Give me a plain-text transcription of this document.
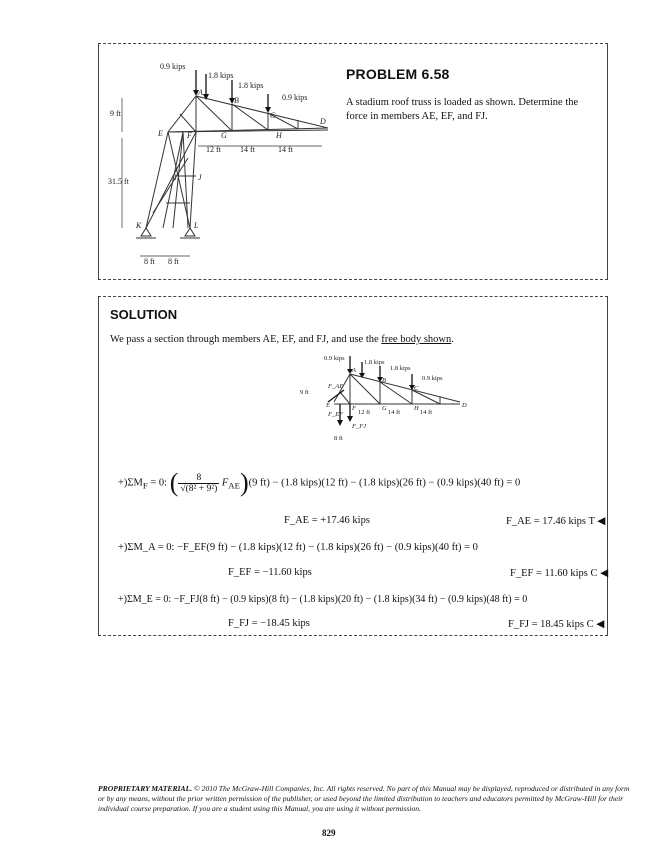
0.9 kips
1.8 kips
1.8 kips
0.9 kips
A
B
C
D
E	F	G	H
I	J
K	L
9 ft
31.5 ft
12 ft 14 ft	14 ft
8 ft 8 ft
PROBLEM 6.58
A stadium roof truss is loaded as shown. Determine the force in members AE, EF, and FJ.
SOLUTION
We pass a section through members AE, EF, and FJ, and use the free body shown.
0.9 kips
1.8 kips
1.8 kips
0.9 kips
F_AE
F_EF
F_FJ
9 ft
12 ft	14 ft	14 ft
8 ft
A
B
C
D
E	F	G	H
$+)\Sigma M_F = 0$: ( $\frac{8}{\text{√(8² + 9²)}} F_{AE})(9$ ft) − (1.8 kips)(12 ft) − (1.8 kips)(26 ft) − (0.9 kips)(40 ft) = 0
F_AE = +17.46 kips	F_AE = 17.46 kips T ◀
+)ΣM_A = 0: −F_EF(9 ft) − (1.8 kips)(12 ft) − (1.8 kips)(26 ft) − (0.9 kips)(40 ft) = 0
F_EF = −11.60 kips	F_EF = 11.60 kips C ◀
+)ΣM_E = 0: −F_FJ(8 ft) − (0.9 kips)(8 ft) − (1.8 kips)(20 ft) − (1.8 kips)(34 ft) − (0.9 kips)(48 ft) = 0
F_FJ = −18.45 kips	F_FJ = 18.45 kips C ◀
PROPRIETARY MATERIAL. © 2010 The McGraw-Hill Companies, Inc. All rights reserved. No part of this Manual may be displayed, reproduced or distributed in any form or by any means, without the prior written permission of the publisher, or used beyond the limited distribution to teachers and educators permitted by McGraw-Hill for their individual course preparation. If you are a student using this Manual, you are using it without permission.
829
